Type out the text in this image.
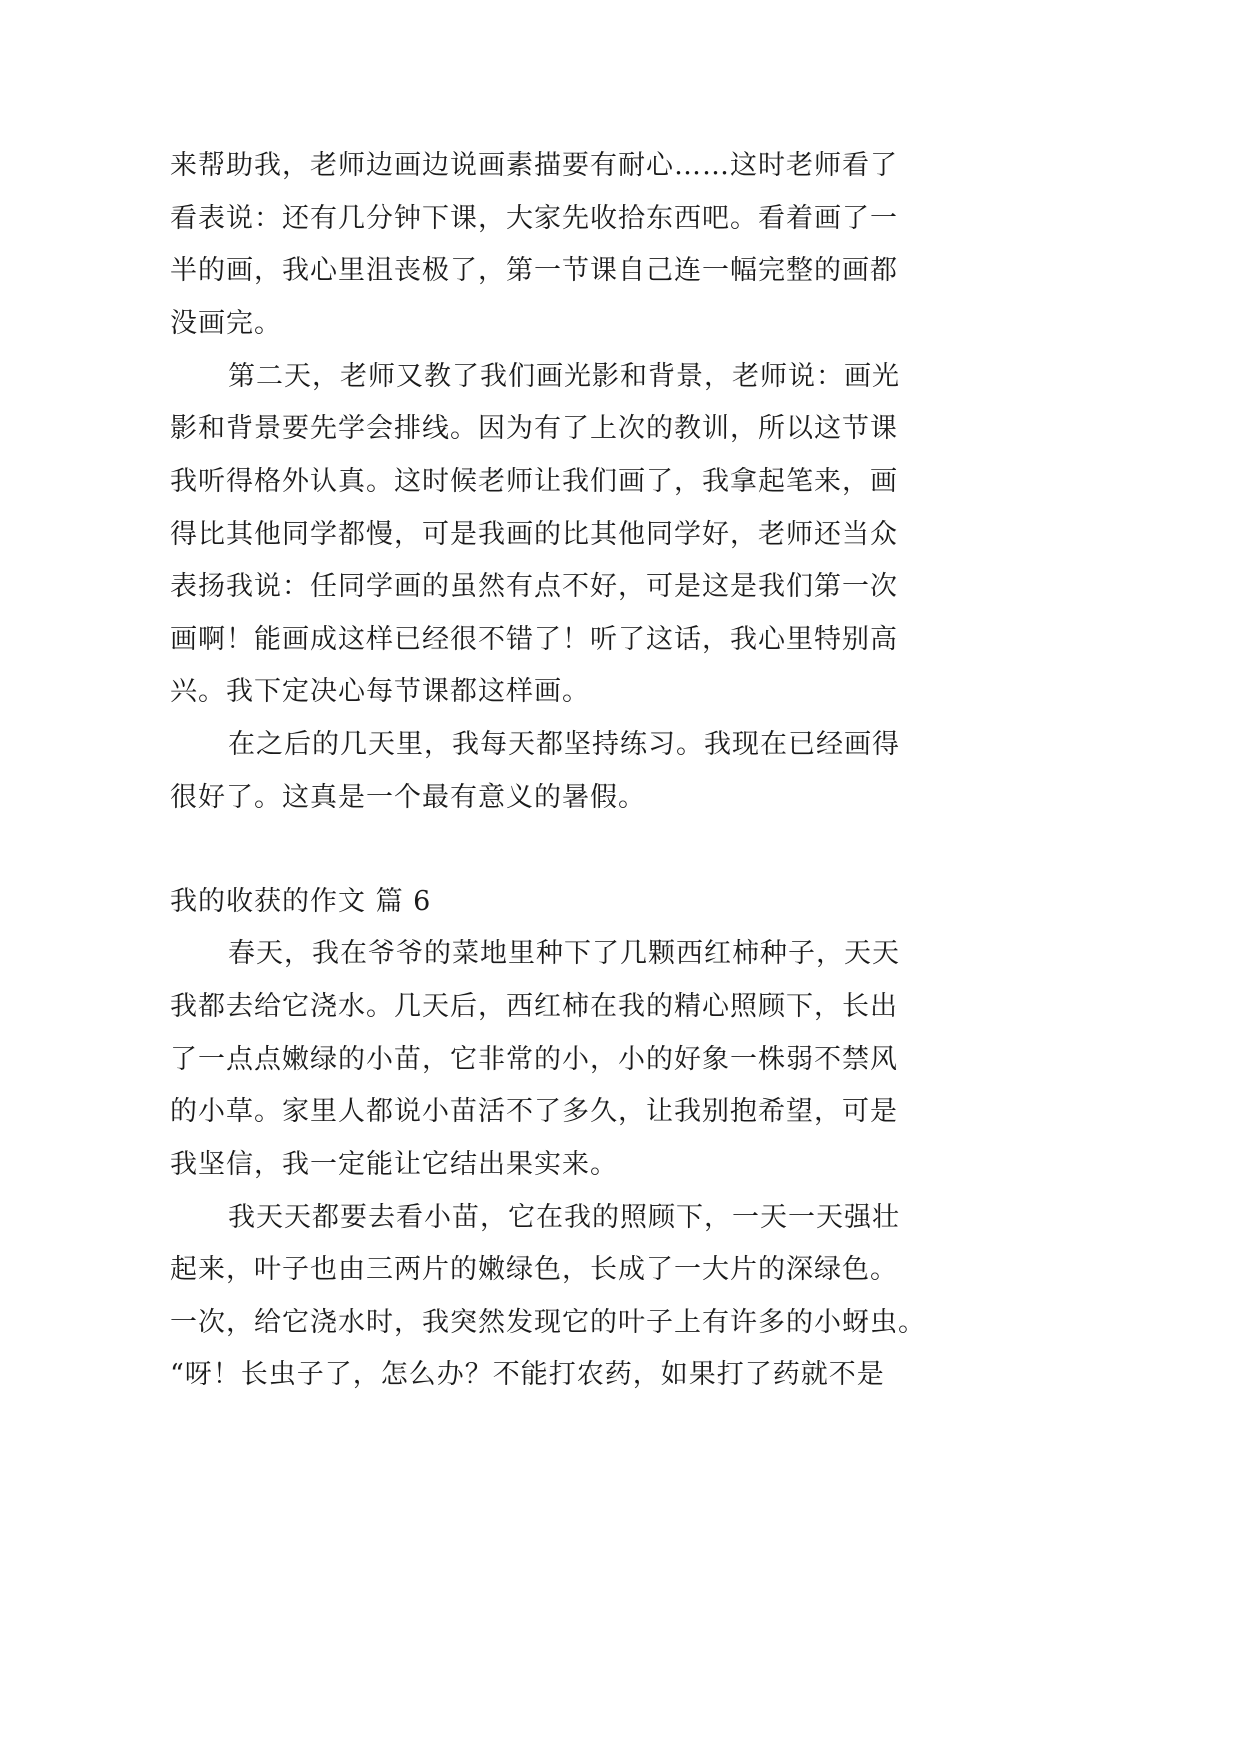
来帮助我，老师边画边说画素描要有耐心……这时老师看了
看表说：还有几分钟下课，大家先收拾东西吧。看着画了一
半的画，我心里沮丧极了，第一节课自己连一幅完整的画都
没画完。
第二天，老师又教了我们画光影和背景，老师说：画光
影和背景要先学会排线。因为有了上次的教训，所以这节课
我听得格外认真。这时候老师让我们画了，我拿起笔来，画
得比其他同学都慢，可是我画的比其他同学好，老师还当众
表扬我说：任同学画的虽然有点不好，可是这是我们第一次
画啊！能画成这样已经很不错了！听了这话，我心里特别高
兴。我下定决心每节课都这样画。
在之后的几天里，我每天都坚持练习。我现在已经画得
很好了。这真是一个最有意义的暑假。
我的收获的作文 篇 6
春天，我在爷爷的菜地里种下了几颗西红柿种子，天天
我都去给它浇水。几天后，西红柿在我的精心照顾下，长出
了一点点嫩绿的小苗，它非常的小，小的好象一株弱不禁风
的小草。家里人都说小苗活不了多久，让我别抱希望，可是
我坚信，我一定能让它结出果实来。
我天天都要去看小苗，它在我的照顾下，一天一天强壮
起来，叶子也由三两片的嫩绿色，长成了一大片的深绿色。
一次，给它浇水时，我突然发现它的叶子上有许多的小蚜虫。
“呀！长虫子了，怎么办？不能打农药，如果打了药就不是
